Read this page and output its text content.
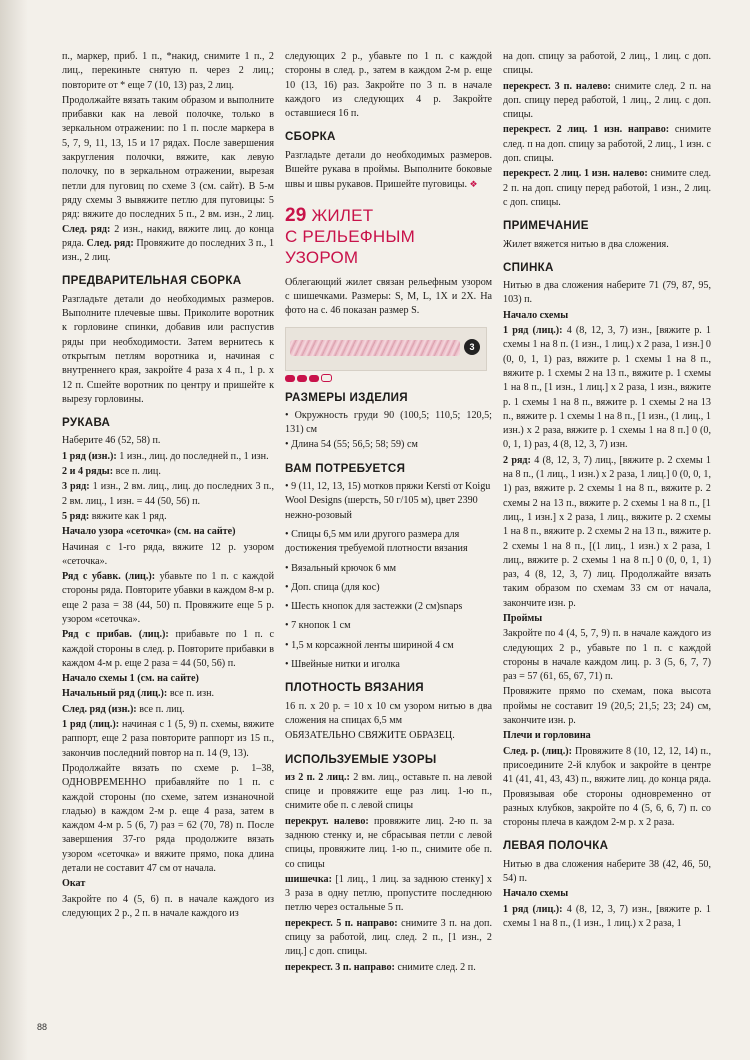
п., маркер, приб. 1 п., *накид, снимите 1 п., 2 лиц., перекиньте снятую п. через 2 лиц.; повторите от * еще 7 (10, 13) раз, 2 лиц.

Продолжайте вязать таким образом и выполните прибавки как на левой полочке, только в зеркальном отражении: по 1 п. после маркера в 5, 7, 9, 11, 13, 15 и 17 рядах. После завершения закругления полочки, вяжите, как левую полочку, по в зеркальном отражении, вырезая петли для пуговиц по схеме 3 (см. сайт). В 5-м ряду схемы 3 вывяжите петлю для пуговицы: 5 ряд: вяжите до последних 5 п., 2 вм. изн., 2 лиц. След. ряд: 2 изн., накид, вяжите лиц. до конца ряда. След. ряд: Провяжите до последних 3 п., 1 изн., 2 лиц.

ПРЕДВАРИТЕЛЬНАЯ СБОРКА

Разгладьте детали до необходимых размеров. Выполните плечевые швы. Приколите воротник к горловине спинки, добавив или распустив ряды при необходимости. Затем вернитесь к открытым петлям воротника и, начиная с внутреннего края, закройте 4 раза х 4 п., 1 р. х 12 п. Сшейте воротник по центру и пришейте к вырезу горловины.

РУКАВА

Наберите 46 (52, 58) п.

1 ряд (изн.): 1 изн., лиц. до последней п., 1 изн.

2 и 4 ряды: все п. лиц.

3 ряд: 1 изн., 2 вм. лиц., лиц. до последних 3 п., 2 вм. лиц., 1 изн. = 44 (50, 56) п.

5 ряд: вяжите как 1 ряд.

Начало узора «сеточка» (см. на сайте)

Начиная с 1-го ряда, вяжите 12 р. узором «сеточка».

Ряд с убавк. (лиц.): убавьте по 1 п. с каждой стороны ряда. Повторите убавки в каждом 8-м р. еще 2 раза = 38 (44, 50) п. Провяжите еще 5 р. узором «сеточка».

Ряд с прибав. (лиц.): прибавьте по 1 п. с каждой стороны в след. р. Повторите прибавки в каждом 4-м р. еще 2 раза = 44 (50, 56) п.

Начало схемы 1 (см. на сайте)

Начальный ряд (лиц.): все п. изн.

След. ряд (изн.): все п. лиц.

1 ряд (лиц.): начиная с 1 (5, 9) п. схемы, вяжите раппорт, еще 2 раза повторите раппорт из 15 п., закончив последний повтор на п. 14 (9, 13).

Продолжайте вязать по схеме р. 1–38, ОДНОВРЕМЕННО прибавляйте по 1 п. с каждой стороны (по схеме, затем изнаночной гладью) в каждом 2-м р. еще 4 раза, затем в каждом 4-м р. 5 (6, 7) раз = 62 (70, 78) п. После завершения 37-го ряда продолжите вязать узором «сеточка» и вяжите прямо, пока длина детали не составит 47 см от начала.

Окат

Закройте по 4 (5, 6) п. в начале каждого из следующих 2 р., 2 п. в начале каждого из

следующих 2 р., убавьте по 1 п. с каждой стороны в след. р., затем в каждом 2-м р. еще 10 (13, 16) раз. Закройте по 3 п. в начале каждого из следующих 4 р. Закройте оставшиеся 16 п.

СБОРКА

Разгладьте детали до необходимых размеров. Вшейте рукава в проймы. Выполните боковые швы и швы рукавов. Пришейте пуговицы. ❖

29 ЖИЛЕТ
С РЕЛЬЕФНЫМ УЗОРОМ

Облегающий жилет связан рельефным узором с шишечками. Размеры: S, M, L, 1X и 2X. На фото на с. 46 показан размер S.

3
РАЗМЕРЫ ИЗДЕЛИЯ

• Окружность груди 90 (100,5; 110,5; 120,5; 131) см

• Длина 54 (55; 56,5; 58; 59) см

ВАМ ПОТРЕБУЕТСЯ
• 9 (11, 12, 13, 15) мотков пряжи Kersti от Koigu Wool Designs (шерсть, 50 г/105 м), цвет 2390 нежно-розовый
• Спицы 6,5 мм или другого размера для достижения требуемой плотности вязания
• Вязальный крючок 6 мм
• Доп. спица (для кос)
• Шесть кнопок для застежки (2 см)snaps
• 7 кнопок 1 см
• 1,5 м корсажной ленты шириной 4 см
• Швейные нитки и иголка
ПЛОТНОСТЬ ВЯЗАНИЯ

16 п. х 20 р. = 10 х 10 см узором нитью в два сложения на спицах 6,5 мм

ОБЯЗАТЕЛЬНО СВЯЖИТЕ ОБРАЗЕЦ.

ИСПОЛЬЗУЕМЫЕ УЗОРЫ

из 2 п. 2 лиц.: 2 вм. лиц., оставьте п. на левой спице и провяжите еще раз лиц. 1-ю п., снимите обе п. с левой спицы

перекрут. налево: провяжите лиц. 2-ю п. за заднюю стенку и, не сбрасывая петли с левой спицы, провяжите лиц. 1-ю п., снимите обе п. со спицы

шишечка: [1 лиц., 1 лиц. за заднюю стенку] х 3 раза в одну петлю, пропустите последнюю петлю через остальные 5 п.

перекрест. 5 п. направо: снимите 3 п. на доп. спицу за работой, лиц. след. 2 п., [1 изн., 2 лиц.] с доп. спицы.

перекрест. 3 п. направо: снимите след. 2 п.

на доп. спицу за работой, 2 лиц., 1 лиц. с доп. спицы.

перекрест. 3 п. налево: снимите след. 2 п. на доп. спицу перед работой, 1 лиц., 2 лиц. с доп. спицы.

перекрест. 2 лиц. 1 изн. направо: снимите след. п на доп. спицу за работой, 2 лиц., 1 изн. с доп. спицы.

перекрест. 2 лиц. 1 изн. налево: снимите след. 2 п. на доп. спицу перед работой, 1 изн., 2 лиц. с доп. спицы.

ПРИМЕЧАНИЕ

Жилет вяжется нитью в два сложения.

СПИНКА

Нитью в два сложения наберите 71 (79, 87, 95, 103) п.

Начало схемы

1 ряд (лиц.): 4 (8, 12, 3, 7) изн., [вяжите р. 1 схемы 1 на 8 п. (1 изн., 1 лиц.) х 2 раза, 1 изн.] 0 (0, 0, 1, 1) раз, вяжите р. 1 схемы 1 на 8 п., вяжите р. 1 схемы 2 на 13 п., вяжите р. 1 схемы 1 на 8 п., [1 изн., 1 лиц.] х 2 раза, 1 изн., вяжите р. 1 схемы 1 на 8 п., вяжите р. 1 схемы 2 на 13 п., вяжите р. 1 схемы 1 на 8 п., [1 изн., (1 лиц., 1 изн.) х 2 раза, вяжите р. 1 схемы 1 на 8 п.] 0 (0, 0, 1, 1) раз, 4 (8, 12, 3, 7) изн.

2 ряд: 4 (8, 12, 3, 7) лиц., [вяжите р. 2 схемы 1 на 8 п., (1 лиц., 1 изн.) х 2 раза, 1 лиц.] 0 (0, 0, 1, 1) раз, вяжите р. 2 схемы 1 на 8 п., вяжите р. 2 схемы 2 на 13 п., вяжите р. 2 схемы 1 на 8 п., [1 лиц., 1 изн.] х 2 раза, 1 лиц., вяжите р. 2 схемы 1 на 8 п., вяжите р. 2 схемы 2 на 13 п., вяжите р. 2 схемы 1 на 8 п., [(1 лиц., 1 изн.) х 2 раза, 1 лиц., вяжите р. 2 схемы 1 на 8 п.] 0 (0, 0, 1, 1) раз, 4 (8, 12, 3, 7) лиц. Продолжайте вязать таким образом по схемам 33 см от начала, закончите изн. р.

Проймы

Закройте по 4 (4, 5, 7, 9) п. в начале каждого из следующих 2 р., убавьте по 1 п. с каждой стороны в начале каждом лиц. р. 3 (5, 6, 7, 7) раз = 57 (61, 65, 67, 71) п.

Провяжите прямо по схемам, пока высота проймы не составит 19 (20,5; 21,5; 23; 24) см, закончите изн. р.

Плечи и горловина

След. р. (лиц.): Провяжите 8 (10, 12, 12, 14) п., присоедините 2-й клубок и закройте в центре 41 (41, 41, 43, 43) п., вяжите лиц. до конца ряда. Провязывая обе стороны одновременно от разных клубков, закройте по 4 (5, 6, 6, 7) п. со стороны плеча в каждом 2-м р. х 2 раза.

ЛЕВАЯ ПОЛОЧКА

Нитью в два сложения наберите 38 (42, 46, 50, 54) п.

Начало схемы

1 ряд (лиц.): 4 (8, 12, 3, 7) изн., [вяжите р. 1 схемы 1 на 8 п., (1 изн., 1 лиц.) х 2 раза, 1

88
